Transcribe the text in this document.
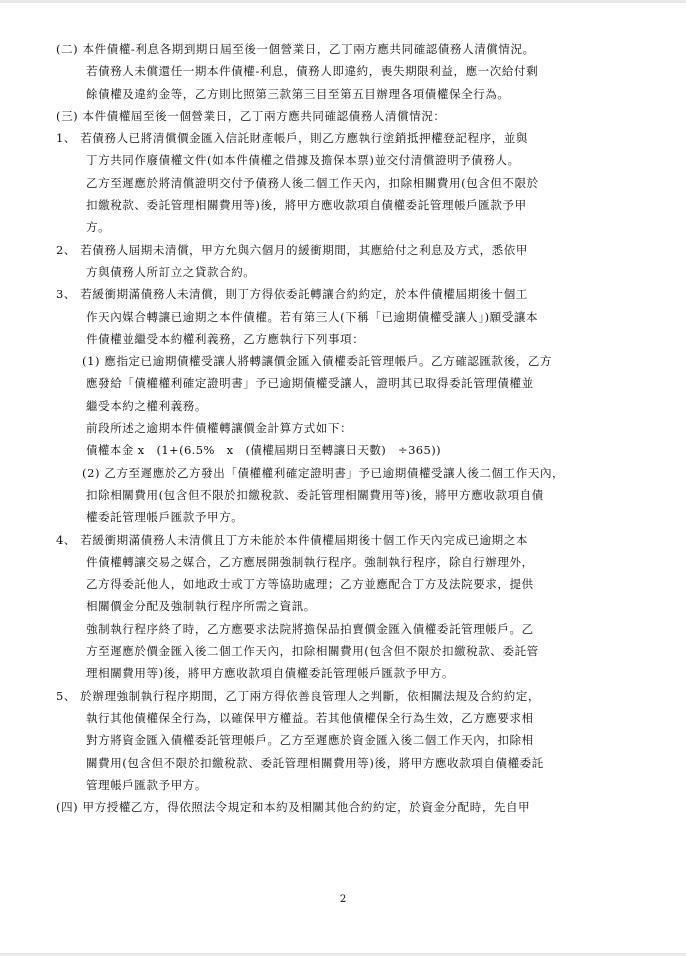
(二) 本件債權-利息各期到期日屆至後一個營業日，乙丁兩方應共同確認債務人清償情況。
若債務人未償還任一期本件債權-利息，債務人即違約，喪失期限利益，應一次給付剩
餘債權及違約金等，乙方則比照第三款第三目至第五目辦理各項債權保全行為。
(三) 本件債權屆至後一個營業日，乙丁兩方應共同確認債務人清償情況：
1、 若債務人已將清償價金匯入信託財產帳戶，則乙方應執行塗銷抵押權登記程序，並與
丁方共同作廢債權文件(如本件債權之借據及擔保本票)並交付清償證明予債務人。
乙方至遲應於將清償證明交付予債務人後二個工作天內，扣除相關費用(包含但不限於
扣繳稅款、委託管理相關費用等)後，將甲方應收款項自債權委託管理帳戶匯款予甲
方。
2、 若債務人屆期未清償，甲方允與六個月的緩衝期間，其應給付之利息及方式，悉依甲
方與債務人所訂立之貸款合約。
3、 若緩衝期滿債務人未清償，則丁方得依委託轉讓合約約定，於本件債權屆期後十個工
作天內媒合轉讓已逾期之本件債權。若有第三人(下稱「已逾期債權受讓人」)願受讓本
件債權並繼受本約權利義務，乙方應執行下列事項：
(1) 應指定已逾期債權受讓人將轉讓價金匯入債權委託管理帳戶。乙方確認匯款後，乙方
應發給「債權權利確定證明書」予已逾期債權受讓人，證明其已取得委託管理債權並
繼受本約之權利義務。
前段所述之逾期本件債權轉讓價金計算方式如下：
債權本金 x　(1+(6.5%　x　(債權屆期日至轉讓日天數)　÷365))
(2) 乙方至遲應於乙方發出「債權權利確定證明書」予已逾期債權受讓人後二個工作天內，
扣除相關費用(包含但不限於扣繳稅款、委託管理相關費用等)後，將甲方應收款項自債
權委託管理帳戶匯款予甲方。
4、 若緩衝期滿債務人未清償且丁方未能於本件債權屆期後十個工作天內完成已逾期之本
件債權轉讓交易之媒合，乙方應展開強制執行程序。強制執行程序，除自行辦理外，
乙方得委託他人，如地政士或丁方等協助處理；乙方並應配合丁方及法院要求，提供
相關價金分配及強制執行程序所需之資訊。
強制執行程序終了時，乙方應要求法院將擔保品拍賣價金匯入債權委託管理帳戶。乙
方至遲應於價金匯入後二個工作天內，扣除相關費用(包含但不限於扣繳稅款、委託管
理相關費用等)後，將甲方應收款項自債權委託管理帳戶匯款予甲方。
5、 於辦理強制執行程序期間，乙丁兩方得依善良管理人之判斷，依相關法規及合約約定，
執行其他債權保全行為，以確保甲方權益。若其他債權保全行為生效，乙方應要求相
對方將資金匯入債權委託管理帳戶。乙方至遲應於資金匯入後二個工作天內，扣除相
關費用(包含但不限於扣繳稅款、委託管理相關費用等)後，將甲方應收款項自債權委託
管理帳戶匯款予甲方。
(四) 甲方授權乙方，得依照法令規定和本約及相關其他合約約定，於資金分配時，先自甲
2
